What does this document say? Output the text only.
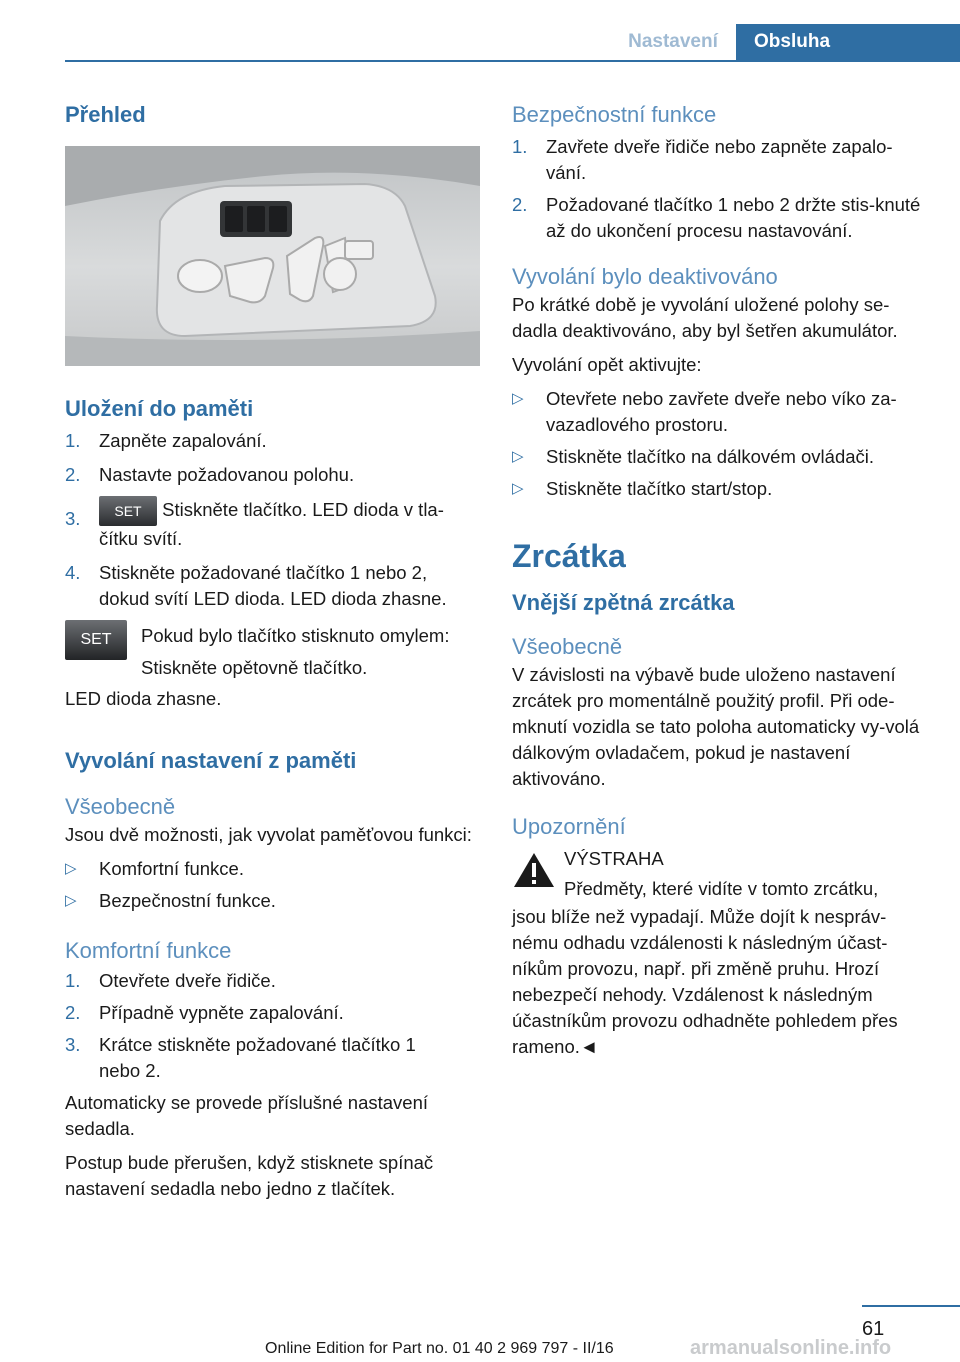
Nastavení	Obsluha
Přehled
Uložení do paměti
1.	Zapněte zapalování.
2.	Nastavte požadovanou polohu.
3.	SET Stiskněte tlačítko. LED dioda v tla‐čítku svítí.
4.	Stiskněte požadované tlačítko 1 nebo 2, dokud svítí LED dioda. LED dioda zhasne.
SET	Pokud bylo tlačítko stisknuto omylem:

Stiskněte opětovně tlačítko.

LED dioda zhasne.

Vyvolání nastavení z paměti
Všeobecně

Jsou dvě možnosti, jak vyvolat paměťovou funkci:

▷	Komfortní funkce.
▷	Bezpečnostní funkce.
Komfortní funkce
1.	Otevřete dveře řidiče.
2.	Případně vypněte zapalování.
3.	Krátce stiskněte požadované tlačítko 1 nebo 2.

Automaticky se provede příslušné nastavení sedadla.

Postup bude přerušen, když stisknete spínač nastavení sedadla nebo jedno z tlačítek.

Bezpečnostní funkce
1.	Zavřete dveře řidiče nebo zapněte zapalo‐vání.
2.	Požadované tlačítko 1 nebo 2 držte stis‐knuté až do ukončení procesu nastavování.
Vyvolání bylo deaktivováno

Po krátké době je vyvolání uložené polohy se‐dadla deaktivováno, aby byl šetřen akumulátor.

Vyvolání opět aktivujte:

▷	Otevřete nebo zavřete dveře nebo víko za‐vazadlového prostoru.
▷	Stiskněte tlačítko na dálkovém ovládači.
▷	Stiskněte tlačítko start/stop.
Zrcátka
Vnější zpětná zrcátka
Všeobecně

V závislosti na výbavě bude uloženo nastavení zrcátek pro momentálně použitý profil. Při ode‐mknutí vozidla se tato poloha automaticky vy‐volá dálkovým ovladačem, pokud je nastavení aktivováno.

Upozornění

VÝSTRAHA

Předměty, které vidíte v tomto zrcátku,

jsou blíže než vypadají. Může dojít k nespráv‐nému odhadu vzdálenosti k následným účast‐níkům provozu, např. při změně pruhu. Hrozí nebezpečí nehody. Vzdálenost k následným účastníkům provozu odhadněte pohledem přes rameno.◄

61
armanualsonline.info
Online Edition for Part no. 01 40 2 969 797 - II/16
